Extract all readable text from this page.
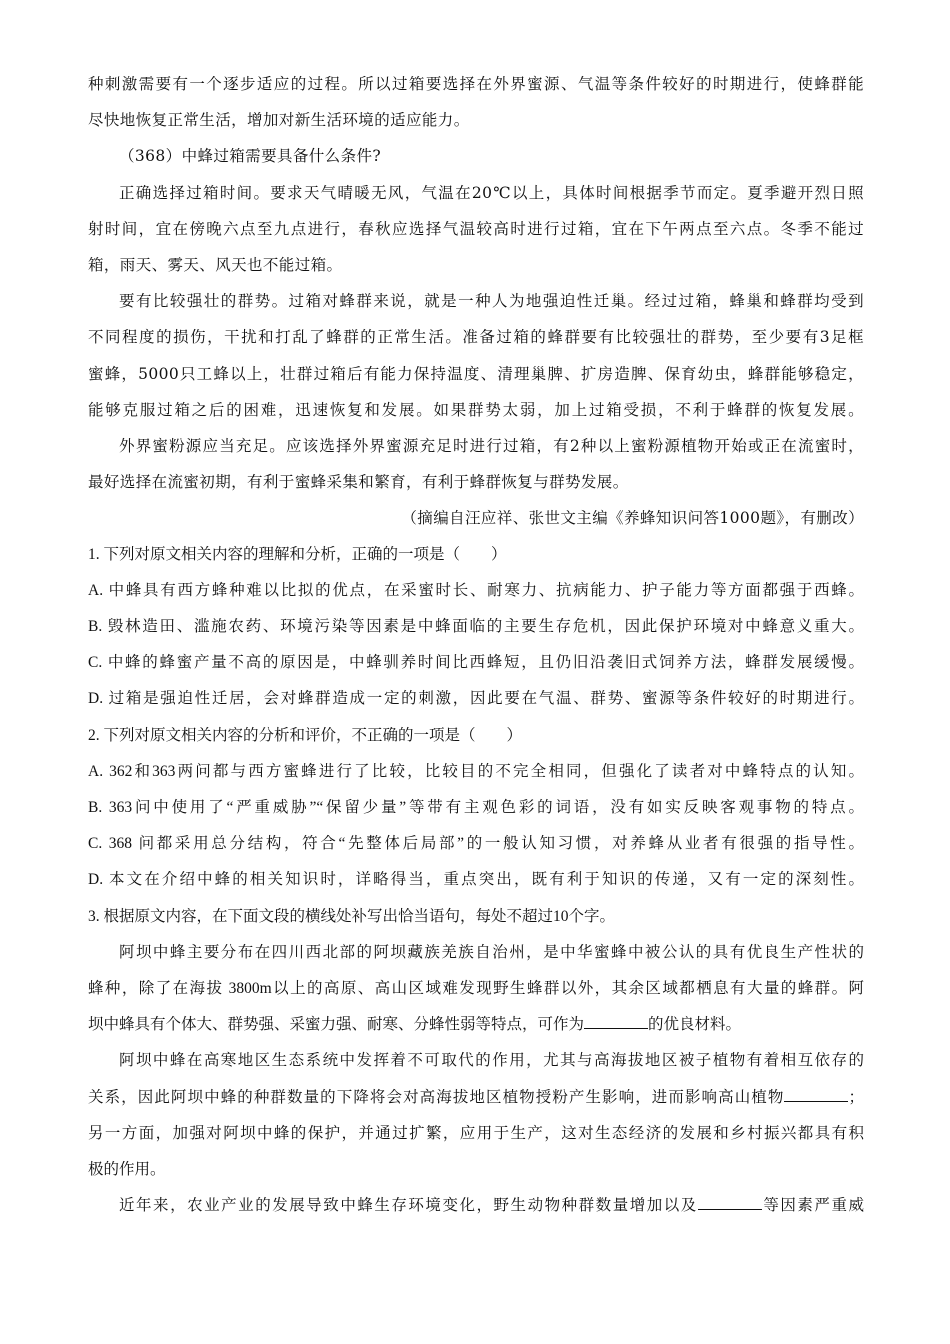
种刺激需要有一个逐步适应的过程。所以过箱要选择在外界蜜源、气温等条件较好的时期进行，使蜂群能
尽快地恢复正常生活，增加对新生活环境的适应能力。
（368）中蜂过箱需要具备什么条件?
正确选择过箱时间。要求天气晴暖无风，气温在20℃以上，具体时间根据季节而定。夏季避开烈日照
射时间，宜在傍晚六点至九点进行，春秋应选择气温较高时进行过箱，宜在下午两点至六点。冬季不能过
箱，雨天、雾天、风天也不能过箱。
要有比较强壮的群势。过箱对蜂群来说，就是一种人为地强迫性迁巢。经过过箱，蜂巢和蜂群均受到
不同程度的损伤，干扰和打乱了蜂群的正常生活。准备过箱的蜂群要有比较强壮的群势，至少要有3足框
蜜蜂，5000只工蜂以上，壮群过箱后有能力保持温度、清理巢脾、扩房造脾、保育幼虫，蜂群能够稳定，
能够克服过箱之后的困难，迅速恢复和发展。如果群势太弱，加上过箱受损，不利于蜂群的恢复发展。
外界蜜粉源应当充足。应该选择外界蜜源充足时进行过箱，有2种以上蜜粉源植物开始或正在流蜜时，
最好选择在流蜜初期，有利于蜜蜂采集和繁育，有利于蜂群恢复与群势发展。
（摘编自汪应祥、张世文主编《养蜂知识问答1000题》，有删改）
1. 下列对原文相关内容的理解和分析，正确的一项是（　　）
A. 中蜂具有西方蜂种难以比拟的优点，在采蜜时长、耐寒力、抗病能力、护子能力等方面都强于西蜂。
B. 毁林造田、滥施农药、环境污染等因素是中蜂面临的主要生存危机，因此保护环境对中蜂意义重大。
C. 中蜂的蜂蜜产量不高的原因是，中蜂驯养时间比西蜂短，且仍旧沿袭旧式饲养方法，蜂群发展缓慢。
D. 过箱是强迫性迁居，会对蜂群造成一定的刺激，因此要在气温、群势、蜜源等条件较好的时期进行。
2. 下列对原文相关内容的分析和评价，不正确的一项是（　　）
A. 362和363两问都与西方蜜蜂进行了比较，比较目的不完全相同，但强化了读者对中蜂特点的认知。
B. 363问中使用了“严重威胁”“保留少量”等带有主观色彩的词语，没有如实反映客观事物的特点。
C. 368 问都采用总分结构，符合“先整体后局部”的一般认知习惯，对养蜂从业者有很强的指导性。
D. 本文在介绍中蜂的相关知识时，详略得当，重点突出，既有利于知识的传递，又有一定的深刻性。
3. 根据原文内容，在下面文段的横线处补写出恰当语句，每处不超过10个字。
阿坝中蜂主要分布在四川西北部的阿坝藏族羌族自治州，是中华蜜蜂中被公认的具有优良生产性状的
蜂种，除了在海拔 3800m以上的高原、高山区域难发现野生蜂群以外，其余区域都栖息有大量的蜂群。阿
坝中蜂具有个体大、群势强、采蜜力强、耐寒、分蜂性弱等特点，可作为	的优良材料。
阿坝中蜂在高寒地区生态系统中发挥着不可取代的作用，尤其与高海拔地区被子植物有着相互依存的
关系，因此阿坝中蜂的种群数量的下降将会对高海拔地区植物授粉产生影响，进而影响高山植物	；
另一方面，加强对阿坝中蜂的保护，并通过扩繁，应用于生产，这对生态经济的发展和乡村振兴都具有积
极的作用。
近年来，农业产业的发展导致中蜂生存环境变化，野生动物种群数量增加以及	等因素严重威
